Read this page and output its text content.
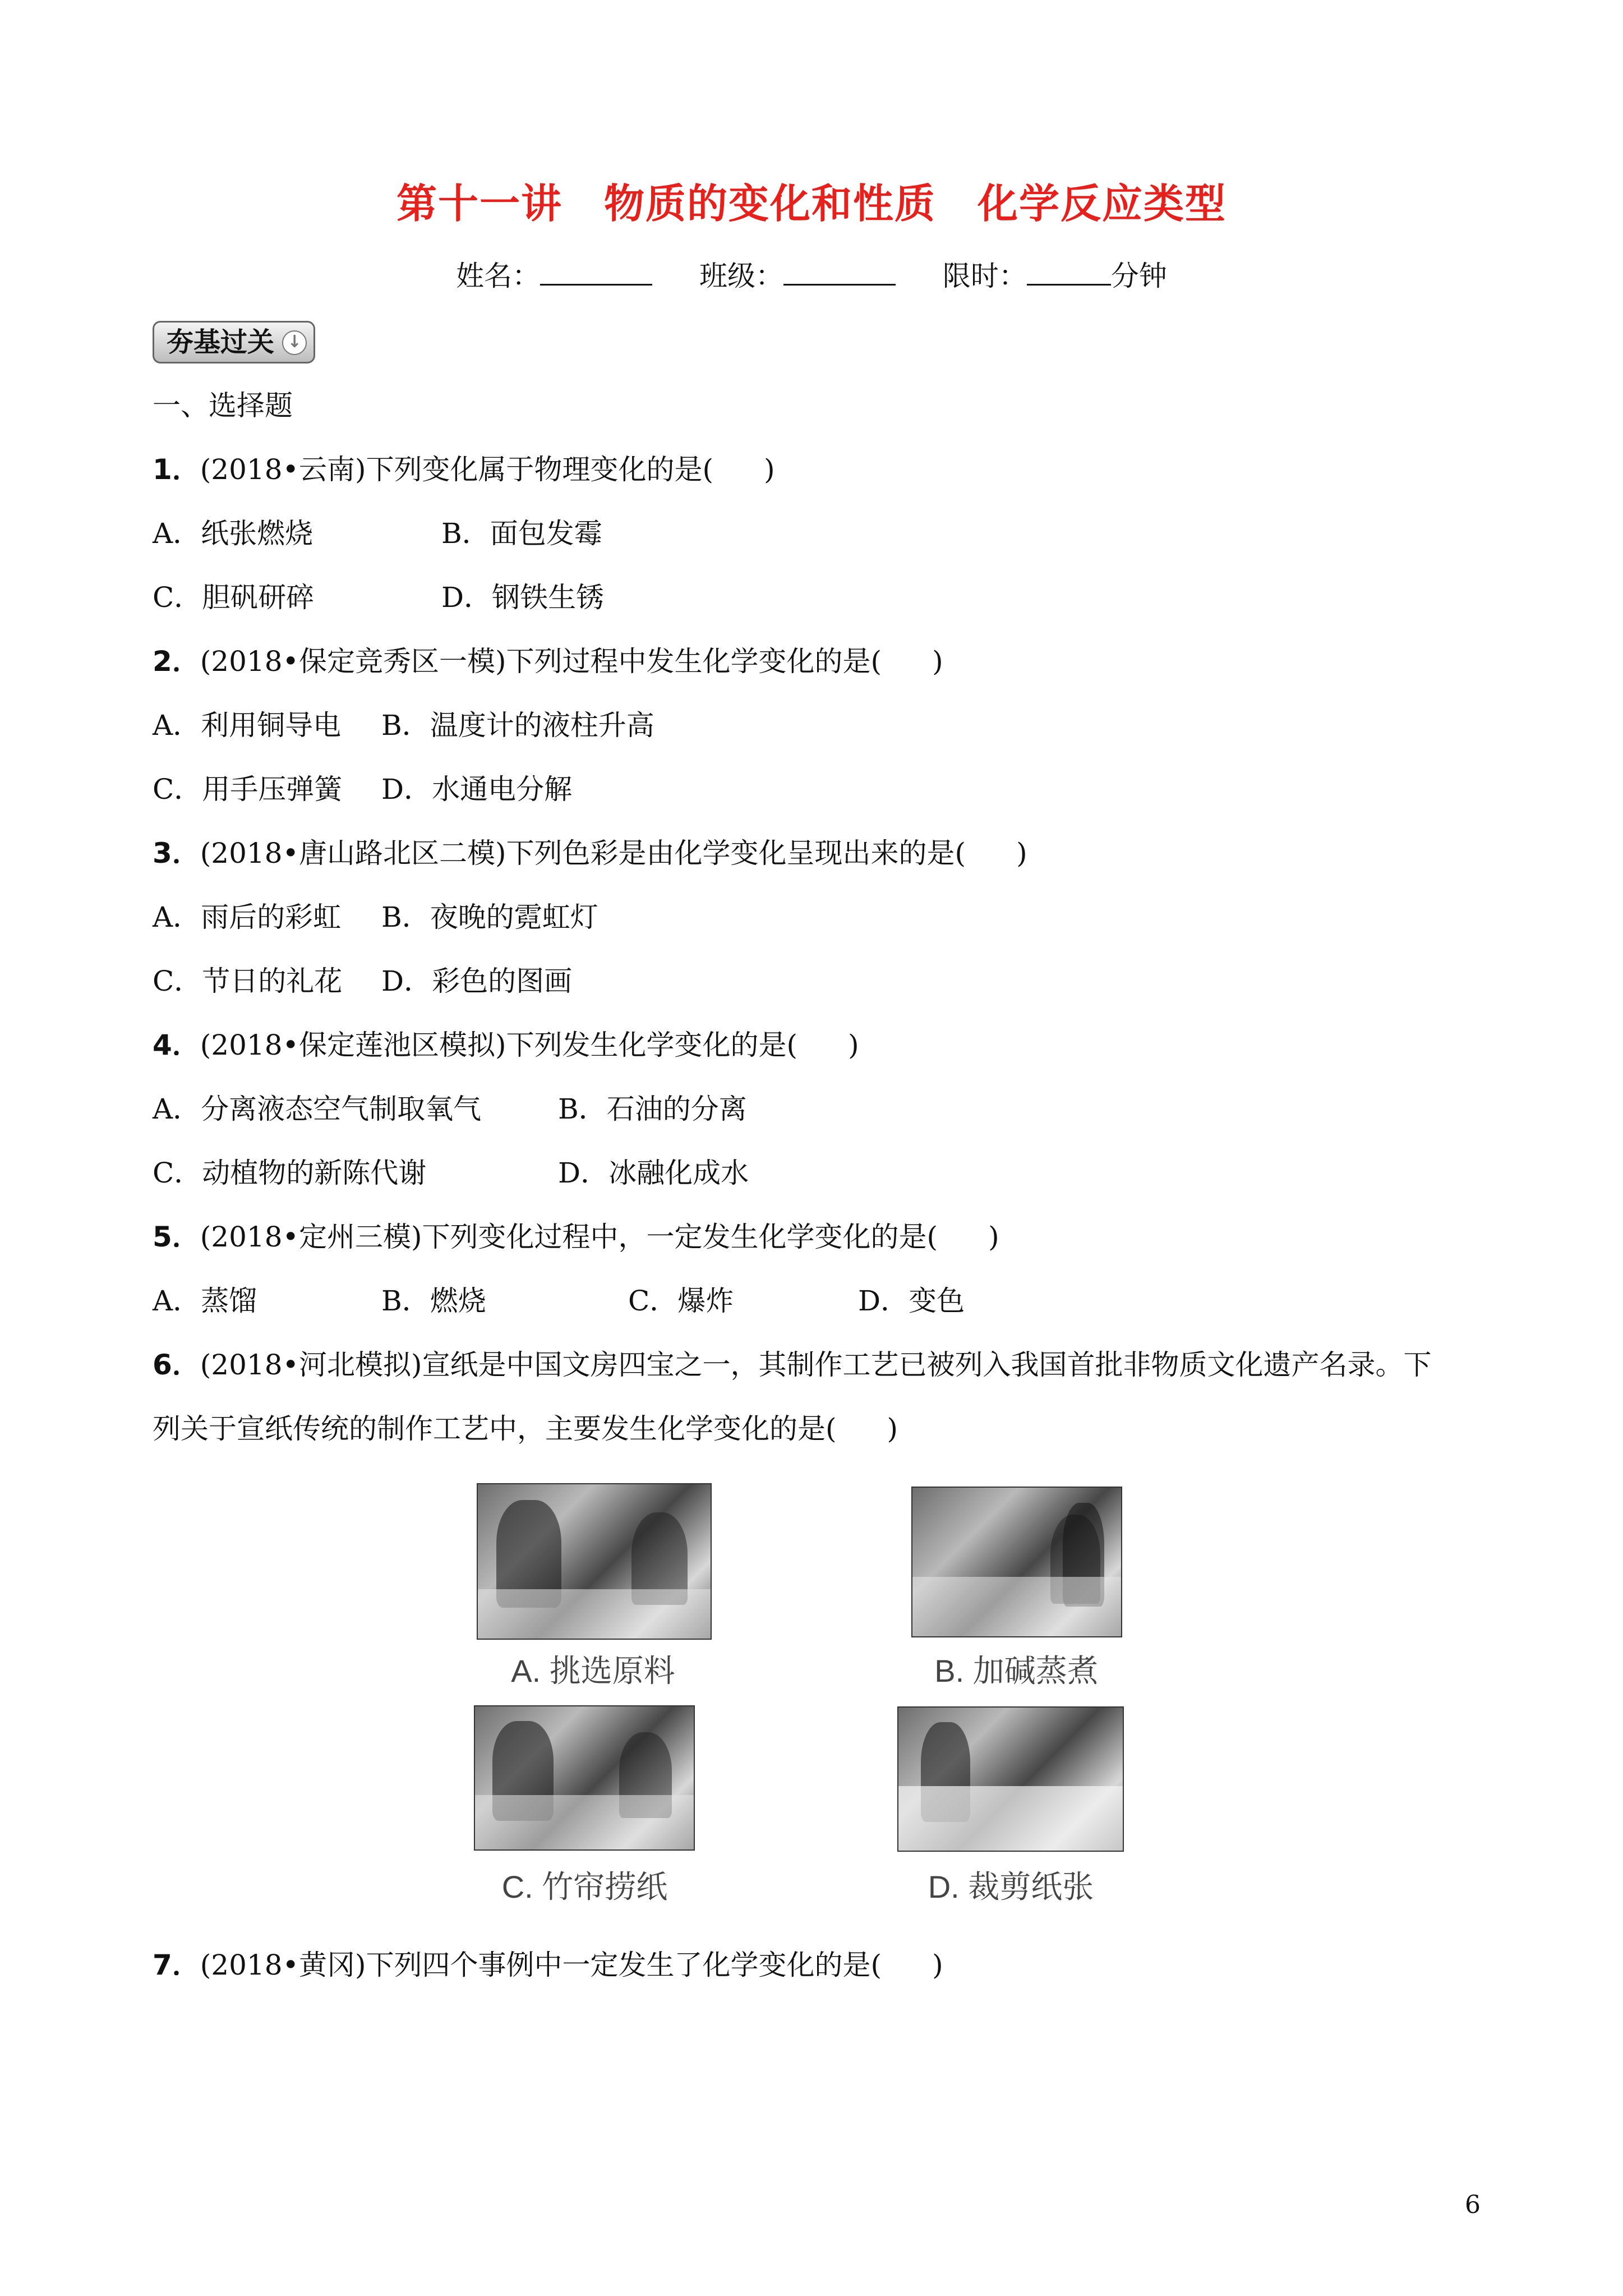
第十一讲　物质的变化和性质　化学反应类型
姓名：	班级：	限时：	分钟
夯基过关 ↓
一、选择题
1．(2018•云南)下列变化属于物理变化的是( )
A．纸张燃烧	B．面包发霉
C．胆矾研碎	D．钢铁生锈
2．(2018•保定竞秀区一模)下列过程中发生化学变化的是( )
A．利用铜导电 B．温度计的液柱升高
C．用手压弹簧 D．水通电分解
3．(2018•唐山路北区二模)下列色彩是由化学变化呈现出来的是( )
A．雨后的彩虹 B．夜晚的霓虹灯
C．节日的礼花 D．彩色的图画
4．(2018•保定莲池区模拟)下列发生化学变化的是( )
A．分离液态空气制取氧气	B．石油的分离
C．动植物的新陈代谢	D．冰融化成水
5．(2018•定州三模)下列变化过程中，一定发生化学变化的是( )
A．蒸馏	B．燃烧	C．爆炸	D．变色
6．(2018•河北模拟)宣纸是中国文房四宝之一，其制作工艺已被列入我国首批非物质文化遗产名录。下
列关于宣纸传统的制作工艺中，主要发生化学变化的是( )
A. 挑选原料	B. 加碱蒸煮
C. 竹帘捞纸	D. 裁剪纸张
7．(2018•黄冈)下列四个事例中一定发生了化学变化的是( )
6
